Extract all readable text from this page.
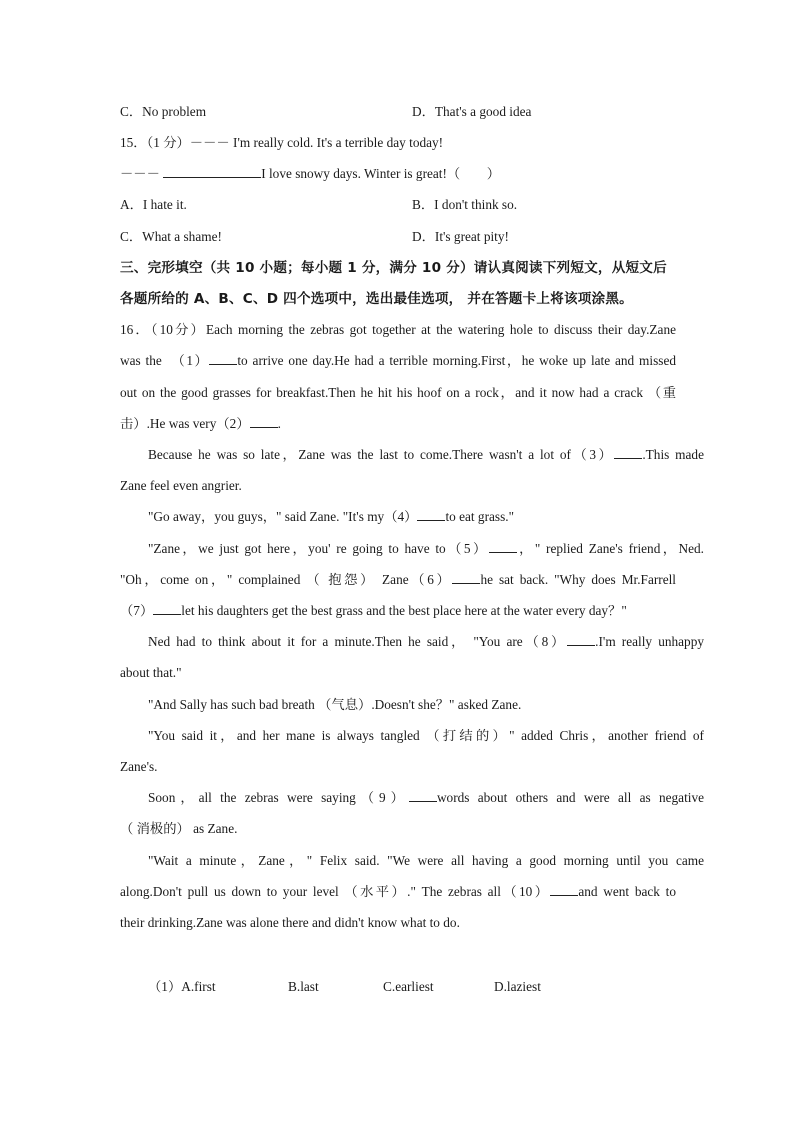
C．No problem	D．That's a good idea
15．（1 分）－－－ I'm really cold. It's a terrible day today!
－－－	I love snowy days. Winter is great!（　　）
A．I hate it.	B．I don't think so.
C．What a shame!	D．It's great pity!
三、完形填空（共 10 小题；每小题 1 分，满分 10 分）请认真阅读下列短文，从短文后
各题所给的 A、B、C、D 四个选项中，选出最佳选项， 并在答题卡上将该项涂黑。
16．（10分）Each morning the zebras got together at the watering hole to discuss their day.Zane
was the　（1） to arrive one day.He had a terrible morning.First，he woke up late and missed
out on the good grasses for breakfast.Then he hit his hoof on a rock，and it now had a crack （重
击）.He was very（2） .
Because he was so late，Zane was the last to come.There wasn't a lot of（3） .This made
Zane feel even angrier.
"Go away，you guys，" said Zane. "It's my（4） to eat grass."
"Zane，we just got here，you' re going to have to（5） ，" replied Zane's friend，Ned.
"Oh，come on，" complained （ 抱怨） Zane（6） he sat back. "Why does Mr.Farrell
（7） let his daughters get the best grass and the best place here at the water every day？"
Ned had to think about it for a minute.Then he said， "You are（8） .I'm really unhappy
about that."
"And Sally has such bad breath （气息）.Doesn't she？" asked Zane.
"You said it，and her mane is always tangled （打结的）" added Chris，another friend of
Zane's.
Soon，all the zebras were saying（9） words about others and were all as negative
（ 消极的） as Zane.
"Wait a minute，Zane，" Felix said. "We were all having a good morning until you came
along.Don't pull us down to your level （水平）." The zebras all（10） and went back to
their drinking.Zane was alone there and didn't know what to do.
（1）A.first	B.last	C.earliest	D.laziest
